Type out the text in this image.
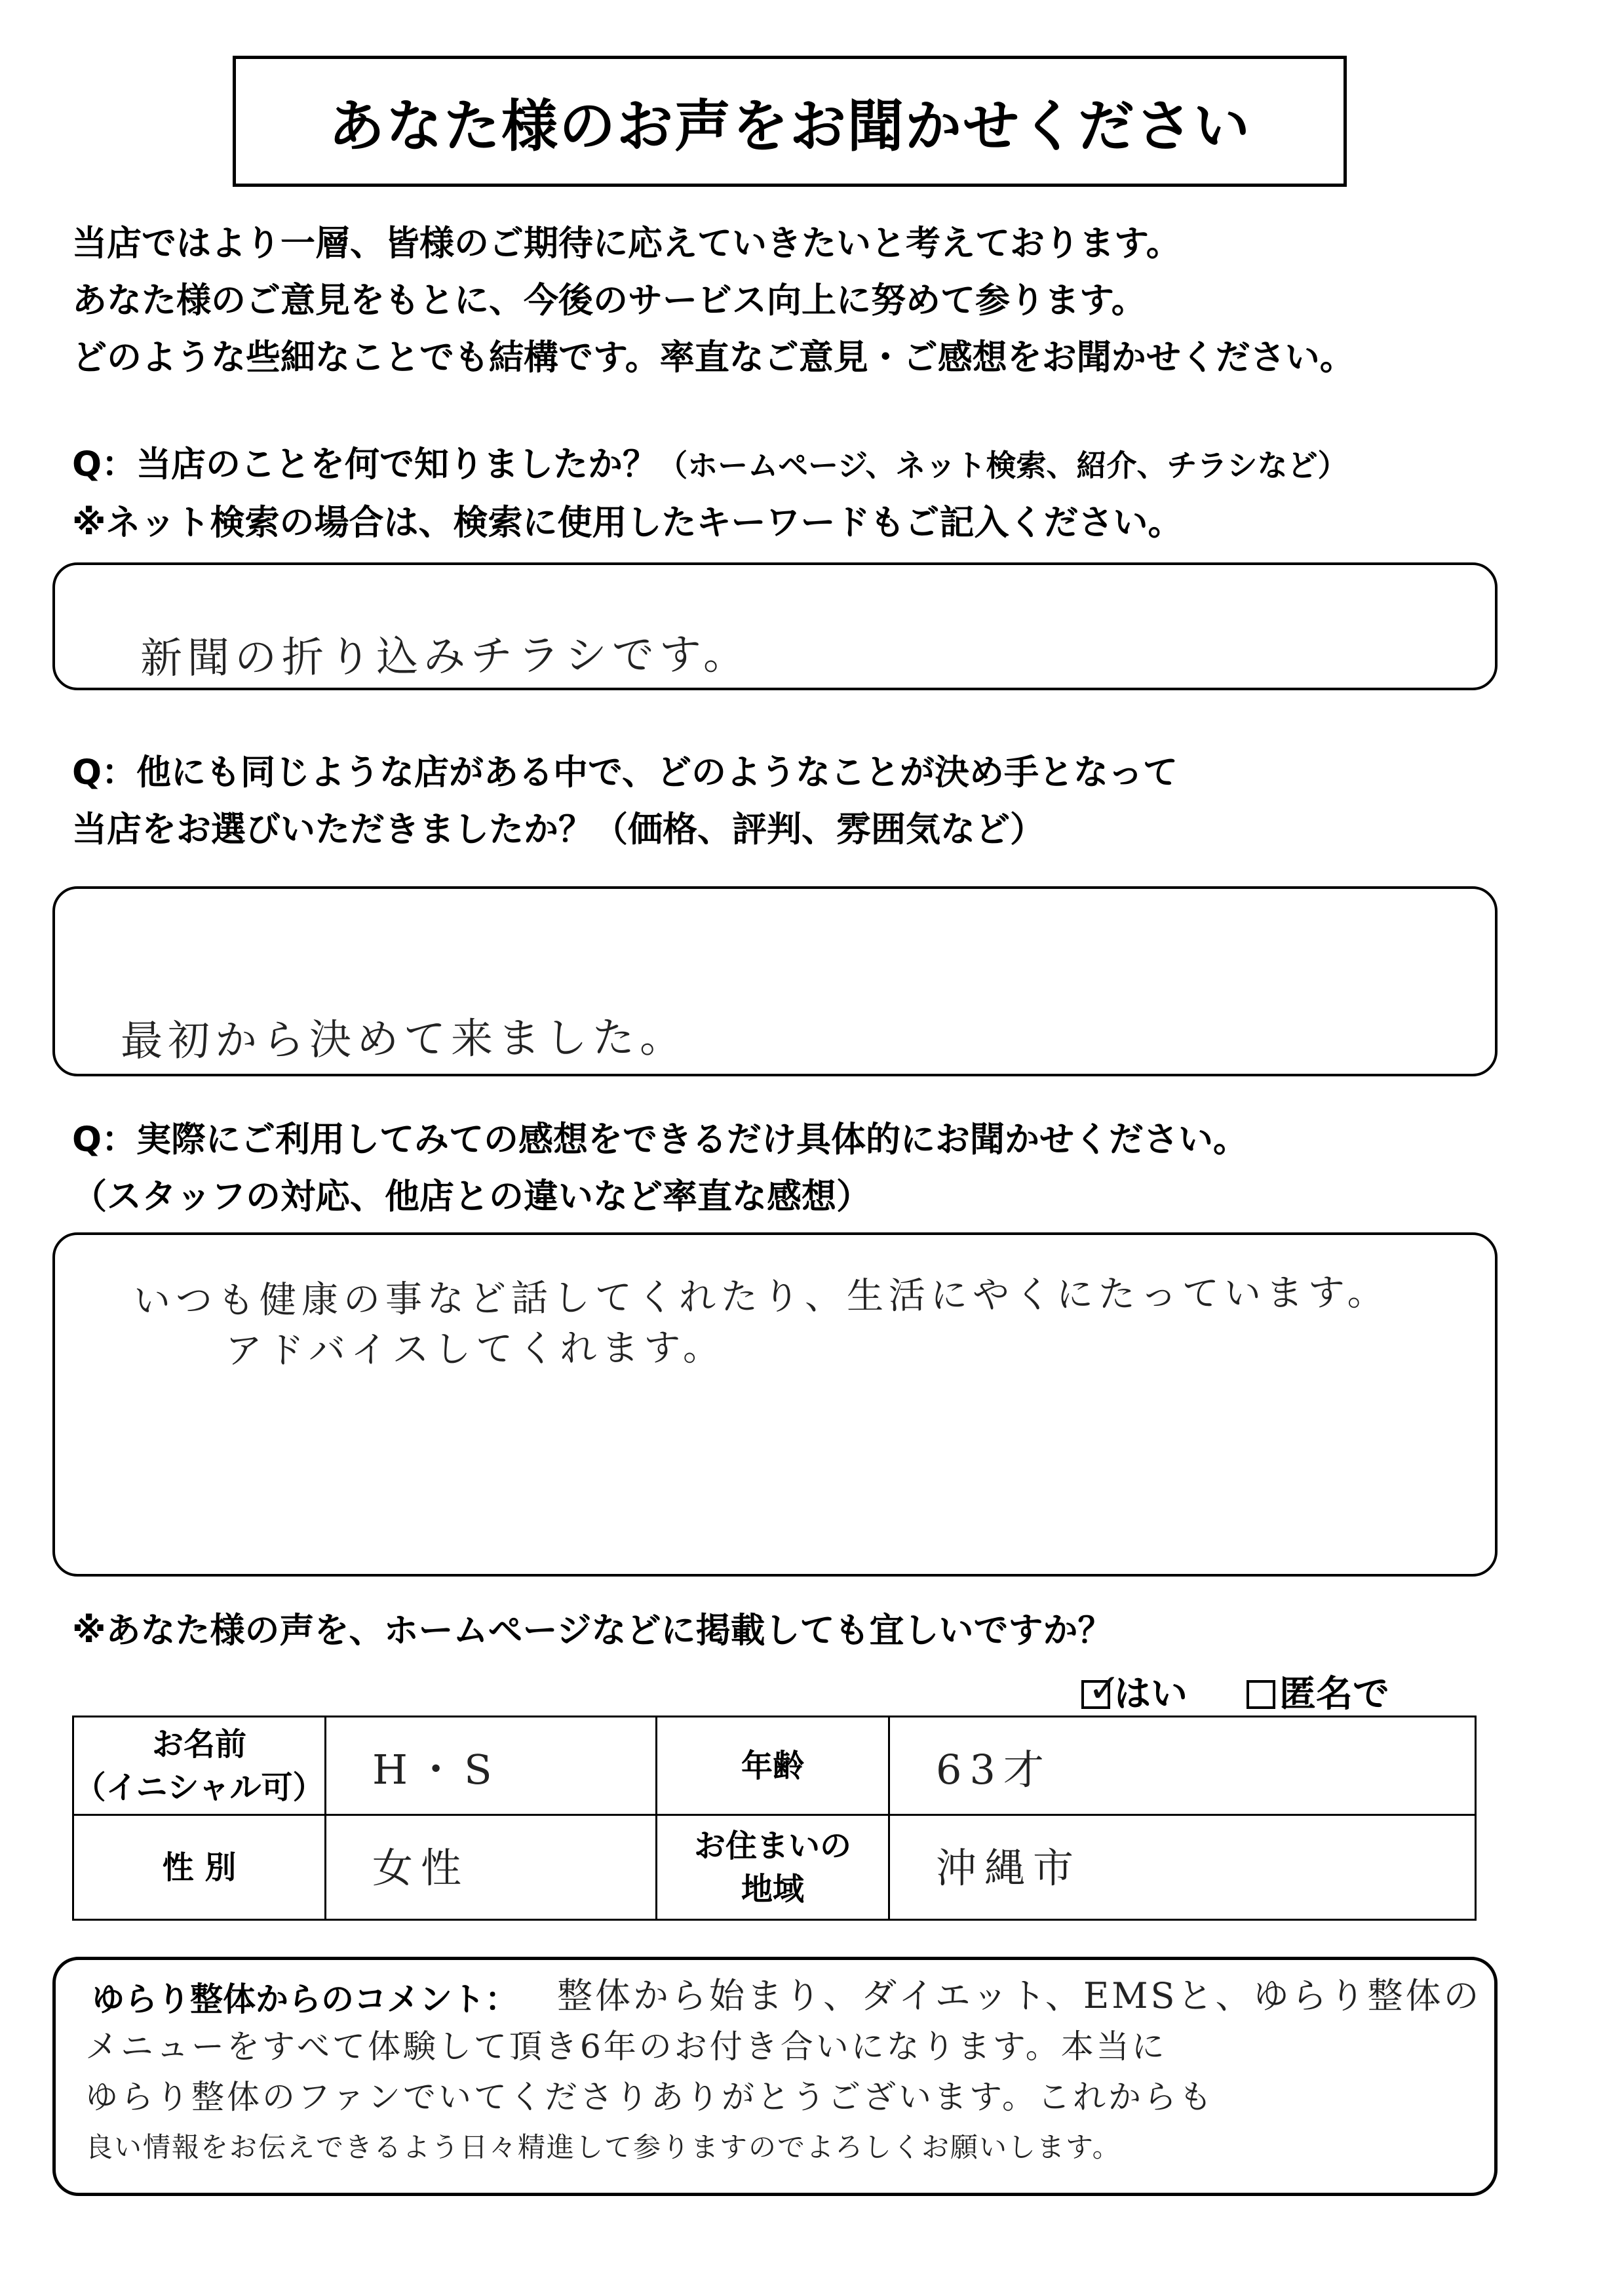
あなた様のお声をお聞かせください
当店ではより一層、皆様のご期待に応えていきたいと考えております。
あなた様のご意見をもとに、今後のサービス向上に努めて参ります。
どのような些細なことでも結構です。率直なご意見・ご感想をお聞かせください。
Q：当店のことを何で知りましたか？（ホームページ、ネット検索、紹介、チラシなど）
※ネット検索の場合は、検索に使用したキーワードもご記入ください。
新聞の折り込みチラシです。
Q：他にも同じような店がある中で、どのようなことが決め手となって
当店をお選びいただきましたか？（価格、評判、雰囲気など）
最初から決めて来ました。
Q：実際にご利用してみての感想をできるだけ具体的にお聞かせください。
（スタッフの対応、他店との違いなど率直な感想）
いつも健康の事など話してくれたり、生活にやくにたっています。
アドバイスしてくれます。
※あなた様の声を、ホームページなどに掲載しても宜しいですか？
✓
はい	匿名で
お名前
（イニシャル可）	H・S	年齢	63才

性 別	女性	お住まいの
地域	沖縄市
ゆらり整体からのコメント： 整体から始まり、ダイエット、EMSと、ゆらり整体の
メニューをすべて体験して頂き6年のお付き合いになります。本当に
ゆらり整体のファンでいてくださりありがとうございます。これからも
良い情報をお伝えできるよう日々精進して参りますのでよろしくお願いします。
